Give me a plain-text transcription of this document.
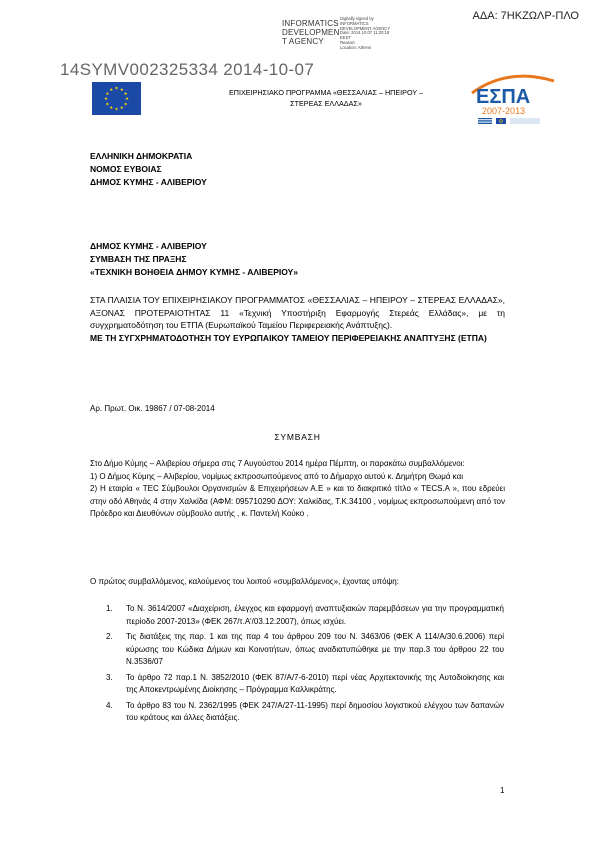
ΑΔΑ: 7ΗΚΖΩΛΡ-ΠΛΟ
INFORMATICS
DEVELOPMEN
T AGENCY
Digitally signed by
INFORMATICS
DEVELOPMENT AGENCY
Date: 2014.10.07 11:20:18
EEST
Reason:
Location: Athens
14SYMV002325334 2014-10-07
★
★
★
★
★
★
★
★
★ ★ ★
★	ΕΠΙΧΕΙΡΗΣΙΑΚΟ ΠΡΟΓΡΑΜΜΑ «ΘΕΣΣΑΛΙΑΣ – ΗΠΕΙΡΟΥ –
ΣΤΕΡΕΑΣ ΕΛΛΑΔΑΣ»	ΕΣΠΑ
2007-2013
ΕΛΛΗΝΙΚΗ ΔΗΜΟΚΡΑΤΙΑ
ΝΟΜΟΣ ΕΥΒΟΙΑΣ
ΔΗΜΟΣ ΚΥΜΗΣ - ΑΛΙΒΕΡΙΟΥ
ΔΗΜΟΣ ΚΥΜΗΣ - ΑΛΙΒΕΡΙΟΥ
ΣΥΜΒΑΣΗ ΤΗΣ ΠΡΑΞΗΣ
«ΤΕΧΝΙΚΗ ΒΟΗΘΕΙΑ ΔΗΜΟΥ ΚΥΜΗΣ - ΑΛΙΒΕΡΙΟΥ»
ΣΤΑ ΠΛΑΙΣΙΑ ΤΟΥ ΕΠΙΧΕΙΡΗΣΙΑΚΟΥ ΠΡΟΓΡΑΜΜΑΤΟΣ «ΘΕΣΣΑΛΙΑΣ – ΗΠΕΙΡΟΥ – ΣΤΕΡΕΑΣ ΕΛΛΑΔΑΣ», ΑΞΟΝΑΣ ΠΡΟΤΕΡΑΙΟΤΗΤΑΣ 11 «Τεχνική Υποστήριξη Εφαρμογής Στερεάς Ελλάδας», με τη συγχρηματοδότηση του ΕΤΠΑ (Ευρωπαϊκού Ταμείου Περιφερειακής Ανάπτυξης).
ΜΕ ΤΗ ΣΥΓΧΡΗΜΑΤΟΔΟΤΗΣΗ ΤΟΥ ΕΥΡΩΠΑΙΚΟΥ ΤΑΜΕΙΟΥ ΠΕΡΙΦΕΡΕΙΑΚΗΣ ΑΝΑΠΤΥΞΗΣ (ΕΤΠΑ)
Αρ. Πρωτ. Οικ. 19867 / 07-08-2014
ΣΥΜΒΑΣΗ

Στο Δήμο Κύμης – Αλιβερίου σήμερα στις 7 Αυγούστου 2014 ημέρα Πέμπτη, οι παρακάτω συμβαλλόμενοι:

1) Ο Δήμος Κύμης – Αλιβερίου, νομίμως εκπροσωπούμενος από το Δήμαρχο αυτού κ. Δημήτρη Θωμά και

2) Η εταιρία « ΤΕC Σύμβουλοι Οργανισμών & Επιχειρήσεων Α.Ε » και το διακριτικό τίτλο « TECS.A », που εδρεύει στην οδό Αθηνάς 4 στην Χαλκίδα (ΑΦΜ: 095710290 ΔΟΥ: Χαλκίδας, Τ.Κ.34100 , νομίμως εκπροσωπούμενη από τον Πρόεδρο και Διευθύνων σύμβουλο αυτής , κ. Παντελή Κούκο .

Ο πρώτος συμβαλλόμενος, καλούμενος του λοιπού «συμβαλλόμενος», έχοντας υπόψη:
1. Το Ν. 3614/2007 «Διαχείριση, έλεγχος και εφαρμογή αναπτυξιακών παρεμβάσεων για την προγραμματική περίοδο 2007-2013» (ΦΕΚ 267/τ.Α'/03.12.2007), όπως ισχύει.
2. Τις διατάξεις της παρ. 1 και της παρ 4 του άρθρου 209 του Ν. 3463/06 (ΦΕΚ Α 114/Α/30.6.2006) περί κύρωσης του Κώδικα Δήμων και Κοινοτήτων, όπως αναδιατυπώθηκε με την παρ.3 του άρθρου 22 του Ν.3536/07
3. Το άρθρο 72 παρ.1 Ν. 3852/2010 (ΦΕΚ 87/Α/7-6-2010) περί νέας Αρχιτεκτονικής της Αυτοδιοίκησης και της Αποκεντρωμένης Διοίκησης – Πρόγραμμα Καλλικράτης.
4. Το άρθρο 83 του Ν. 2362/1995 (ΦΕΚ 247/Α/27-11-1995) περί δημοσίου λογιστικού ελέγχου των δαπανών του κράτους και άλλες διατάξεις.
1
